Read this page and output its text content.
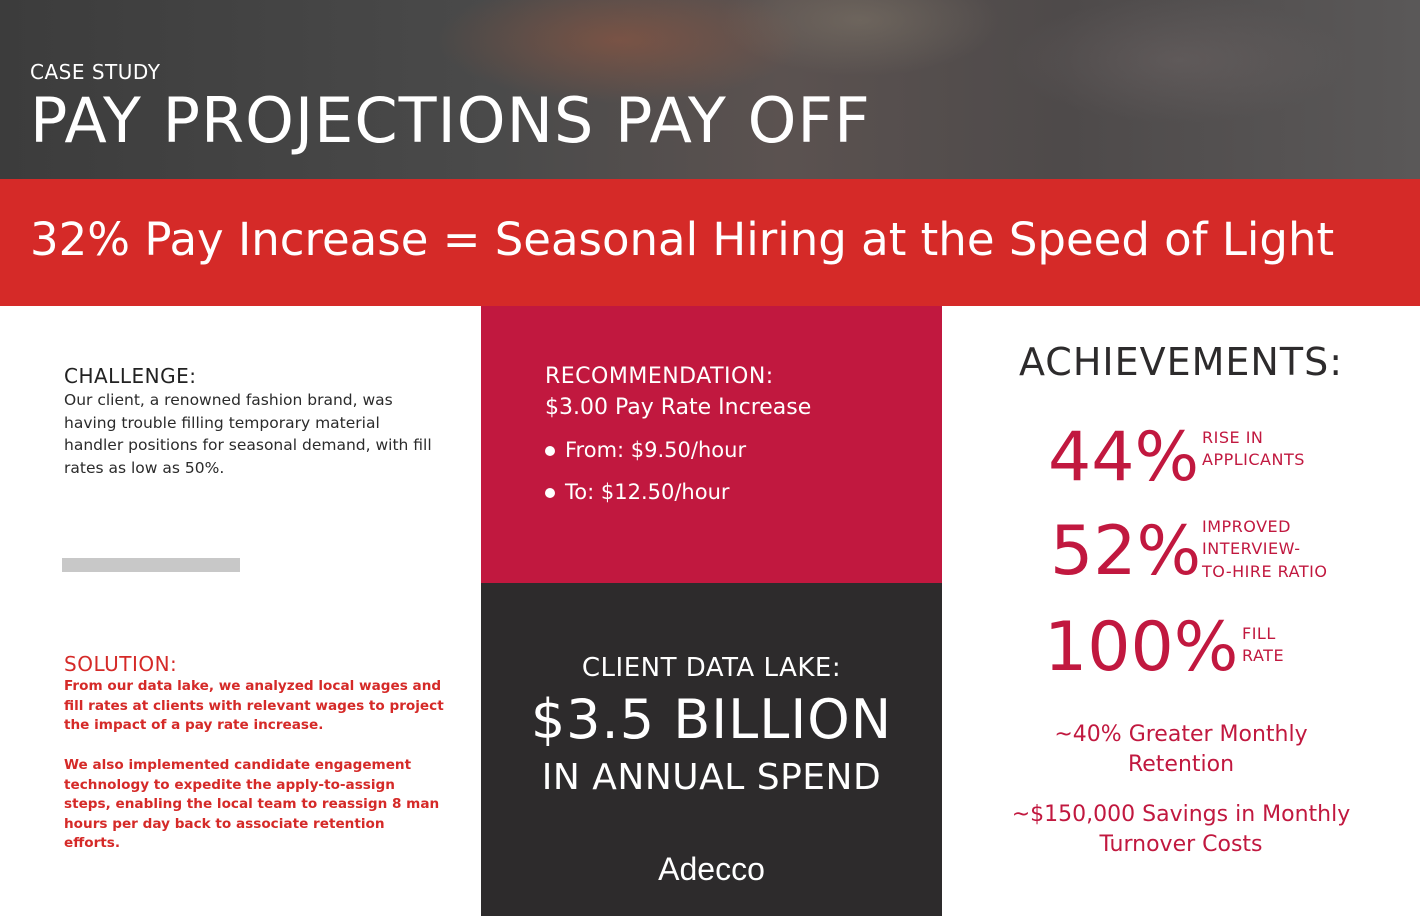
CASE STUDY
PAY PROJECTIONS PAY OFF
32% Pay Increase = Seasonal Hiring at the Speed of Light
CHALLENGE:
Our client, a renowned fashion brand, was having trouble filling temporary material handler positions for seasonal demand, with fill rates as low as 50%.
SOLUTION:
From our data lake, we analyzed local wages and fill rates at clients with relevant wages to project the impact of a pay rate increase.
We also implemented candidate engagement technology to expedite the apply-to-assign steps, enabling the local team to reassign 8 man hours per day back to associate retention efforts.
RECOMMENDATION:
$3.00 Pay Rate Increase
From: $9.50/hour
To: $12.50/hour
CLIENT DATA LAKE:
$3.5 BILLION
IN ANNUAL SPEND
Adecco
ACHIEVEMENTS:
44% RISE IN
APPLICANTS
52% IMPROVED
INTERVIEW-
TO-HIRE RATIO
100% FILL
RATE
~40% Greater Monthly
Retention
~$150,000 Savings in Monthly
Turnover Costs
